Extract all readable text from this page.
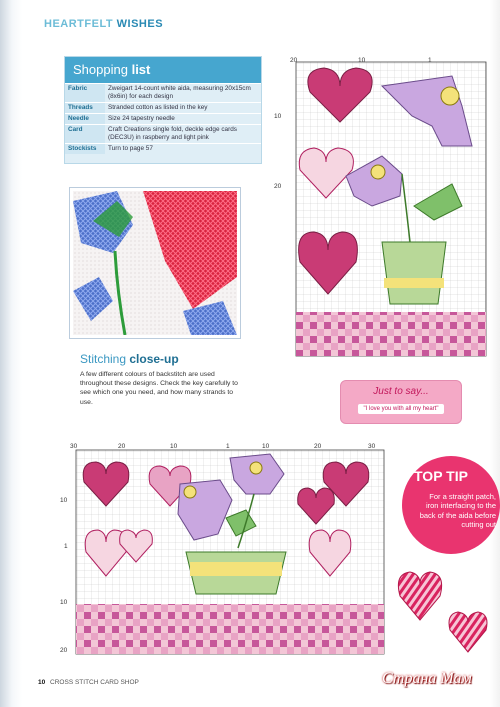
HEARTFELT WISHES
Shopping list
Fabric	Zweigart 14-count white aida, measuring 20x15cm (8x6in) for each design
Threads	Stranded cotton as listed in the key
Needle	Size 24 tapestry needle
Card	Craft Creations single fold, deckle edge cards (DEC3U) in raspberry and light pink
Stockists	Turn to page 57
Stitching close-up
A few different colours of backstitch are used throughout these designs. Check the key carefully to see which one you need, and how many strands to use.
20	10	1
10
20
Just to say...
"I love you with all my heart"
30	20	10	1	10	20	30
10
1
10
20
TOP TIP
For a straight patch, iron interfacing to the back of the aida before cutting out
10 CROSS STITCH CARD SHOP	Страна Мам
